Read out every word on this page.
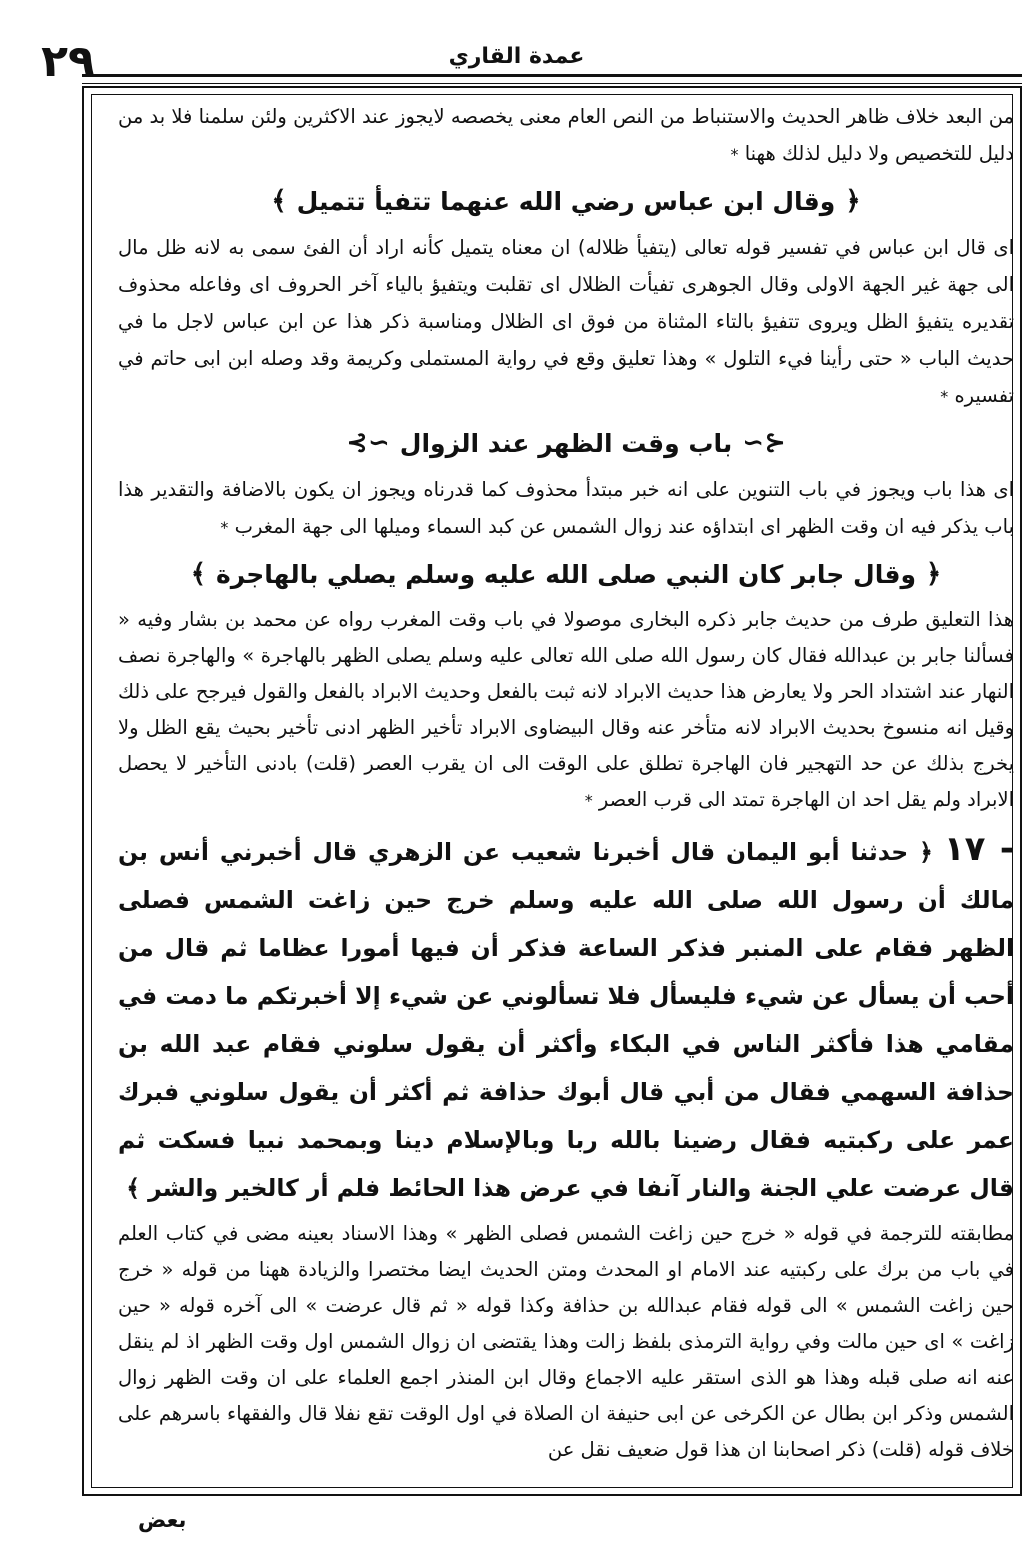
٢٩	عمدة القاري

من البعد خلاف ظاهر الحديث والاستنباط من النص العام معنى يخصصه لايجوز عند الاكثرين ولئن سلمنا فلا بد من دليل للتخصيص ولا دليل لذلك ههنا *

﴿
وقال ابن عباس رضي الله عنهما تتفيأ تتميل
﴾

اى قال ابن عباس في تفسير قوله تعالى (يتفيأ ظلاله) ان معناه يتميل كأنه اراد أن الفئ سمى به لانه ظل مال الى جهة غير الجهة الاولى وقال الجوهرى تفيأت الظلال اى تقلبت ويتفيؤ بالياء آخر الحروف اى وفاعله محذوف تقديره يتفيؤ الظل ويروى تتفيؤ بالتاء المثناة من فوق اى الظلال ومناسبة ذكر هذا عن ابن عباس لاجل ما في حديث الباب « حتى رأينا فيء التلول » وهذا تعليق وقع في رواية المستملى وكريمة وقد وصله ابن ابى حاتم في تفسيره *

∽⊱
باب وقت الظهر عند الزوال
⊰∽

اى هذا باب ويجوز في باب التنوين على انه خبر مبتدأ محذوف كما قدرناه ويجوز ان يكون بالاضافة والتقدير هذا باب يذكر فيه ان وقت الظهر اى ابتداؤه عند زوال الشمس عن كبد السماء وميلها الى جهة المغرب *

﴿
وقال جابر كان النبي صلى الله عليه وسلم يصلي بالهاجرة
﴾

هذا التعليق طرف من حديث جابر ذكره البخارى موصولا في باب وقت المغرب رواه عن محمد بن بشار وفيه « فسألنا جابر بن عبدالله فقال كان رسول الله صلى الله تعالى عليه وسلم يصلى الظهر بالهاجرة » والهاجرة نصف النهار عند اشتداد الحر ولا يعارض هذا حديث الابراد لانه ثبت بالفعل وحديث الابراد بالفعل والقول فيرجح على ذلك وقيل انه منسوخ بحديث الابراد لانه متأخر عنه وقال البيضاوى الابراد تأخير الظهر ادنى تأخير بحيث يقع الظل ولا يخرج بذلك عن حد التهجير فان الهاجرة تطلق على الوقت الى ان يقرب العصر (قلت) بادنى التأخير لا يحصل الابراد ولم يقل احد ان الهاجرة تمتد الى قرب العصر *

١٧ - ﴿ حدثنا أبو اليمان قال أخبرنا شعيب عن الزهري قال أخبرني أنس بن مالك أن رسول الله صلى الله عليه وسلم خرج حين زاغت الشمس فصلى الظهر فقام على المنبر فذكر الساعة فذكر أن فيها أمورا عظاما ثم قال من أحب أن يسأل عن شيء فليسأل فلا تسألوني عن شيء إلا أخبرتكم ما دمت في مقامي هذا فأكثر الناس في البكاء وأكثر أن يقول سلوني فقام عبد الله بن حذافة السهمي فقال من أبي قال أبوك حذافة ثم أكثر أن يقول سلوني فبرك عمر على ركبتيه فقال رضينا بالله ربا وبالإسلام دينا وبمحمد نبيا فسكت ثم قال عرضت علي الجنة والنار آنفا في عرض هذا الحائط فلم أر كالخير والشر ﴾

مطابقته للترجمة في قوله « خرج حين زاغت الشمس فصلى الظهر » وهذا الاسناد بعينه مضى في كتاب العلم في باب من برك على ركبتيه عند الامام او المحدث ومتن الحديث ايضا مختصرا والزيادة ههنا من قوله « خرج حين زاغت الشمس » الى قوله فقام عبدالله بن حذافة وكذا قوله « ثم قال عرضت » الى آخره قوله « حين زاغت » اى حين مالت وفي رواية الترمذى بلفظ زالت وهذا يقتضى ان زوال الشمس اول وقت الظهر اذ لم ينقل عنه انه صلى قبله وهذا هو الذى استقر عليه الاجماع وقال ابن المنذر اجمع العلماء على ان وقت الظهر زوال الشمس وذكر ابن بطال عن الكرخى عن ابى حنيفة ان الصلاة في اول الوقت تقع نفلا قال والفقهاء باسرهم على خلاف قوله (قلت) ذكر اصحابنا ان هذا قول ضعيف نقل عن

بعض
